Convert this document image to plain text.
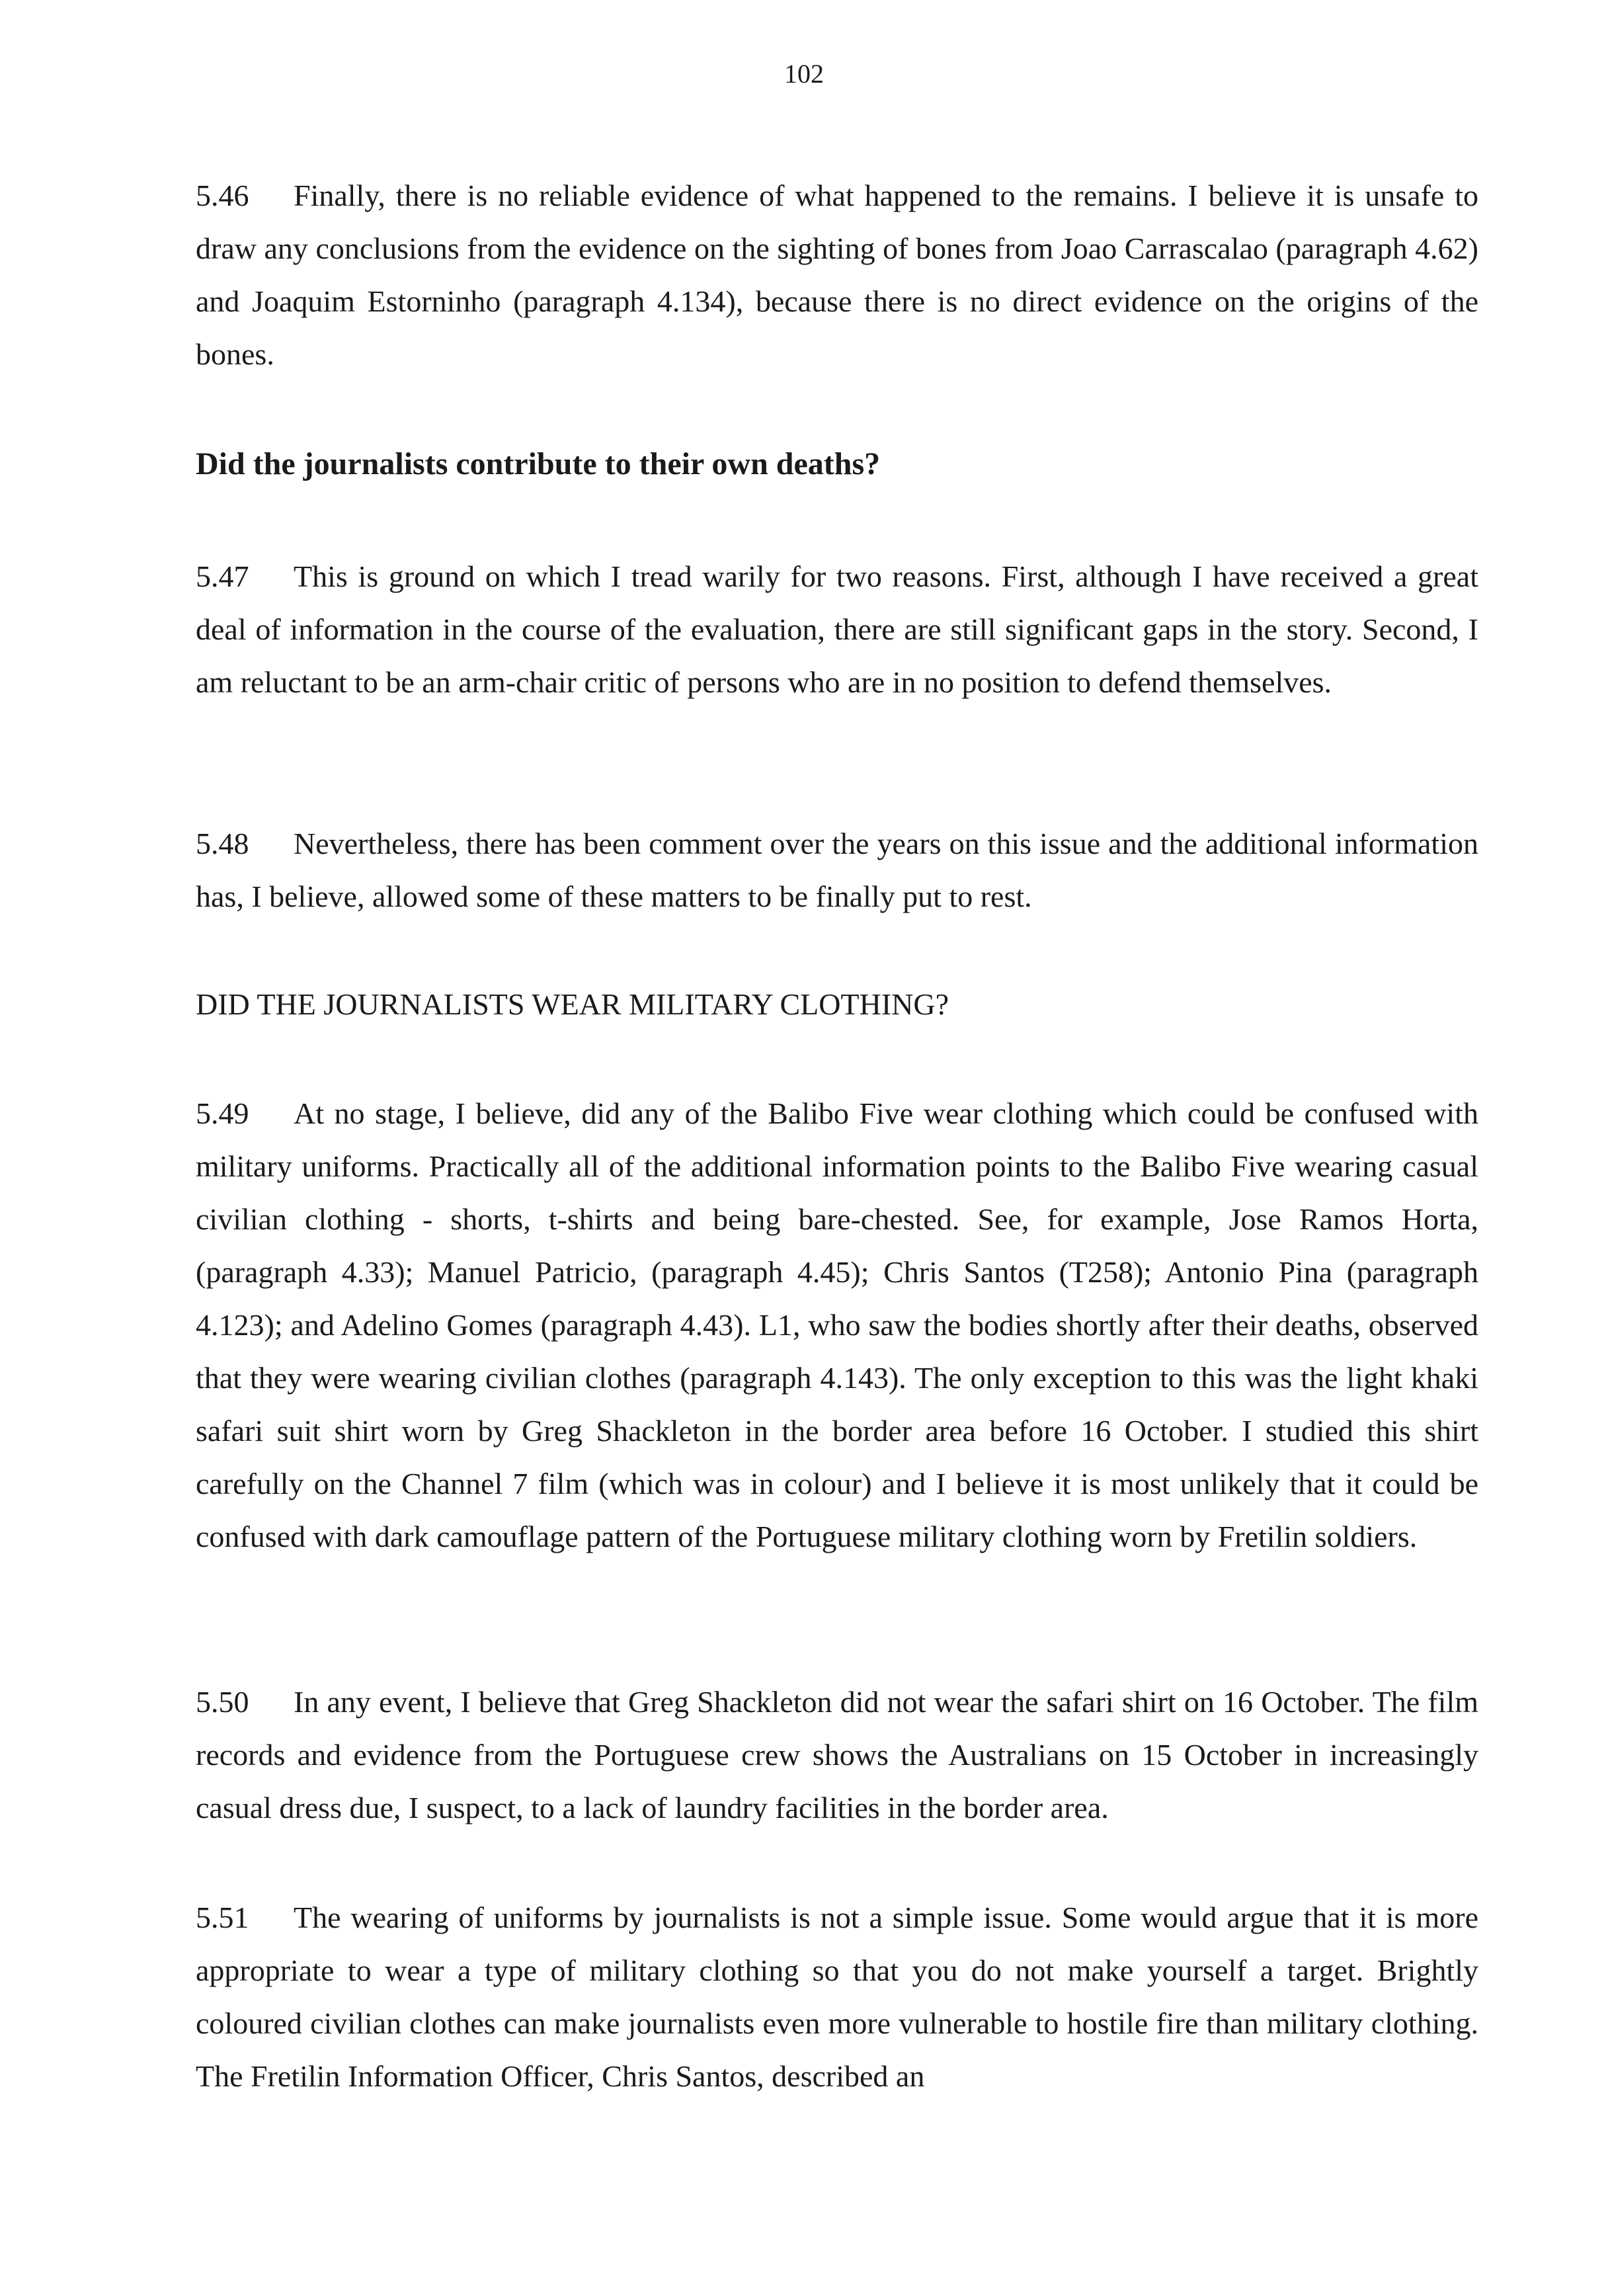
102
5.46 Finally, there is no reliable evidence of what happened to the remains. I believe it is unsafe to draw any conclusions from the evidence on the sighting of bones from Joao Carrascalao (paragraph 4.62) and Joaquim Estorninho (paragraph 4.134), because there is no direct evidence on the origins of the bones.
Did the journalists contribute to their own deaths?
5.47 This is ground on which I tread warily for two reasons. First, although I have received a great deal of information in the course of the evaluation, there are still significant gaps in the story. Second, I am reluctant to be an arm-chair critic of persons who are in no position to defend themselves.
5.48 Nevertheless, there has been comment over the years on this issue and the additional information has, I believe, allowed some of these matters to be finally put to rest.
DID THE JOURNALISTS WEAR MILITARY CLOTHING?
5.49 At no stage, I believe, did any of the Balibo Five wear clothing which could be confused with military uniforms. Practically all of the additional information points to the Balibo Five wearing casual civilian clothing - shorts, t-shirts and being bare-chested. See, for example, Jose Ramos Horta, (paragraph 4.33); Manuel Patricio, (paragraph 4.45); Chris Santos (T258); Antonio Pina (paragraph 4.123); and Adelino Gomes (paragraph 4.43). L1, who saw the bodies shortly after their deaths, observed that they were wearing civilian clothes (paragraph 4.143). The only exception to this was the light khaki safari suit shirt worn by Greg Shackleton in the border area before 16 October. I studied this shirt carefully on the Channel 7 film (which was in colour) and I believe it is most unlikely that it could be confused with dark camouflage pattern of the Portuguese military clothing worn by Fretilin soldiers.
5.50 In any event, I believe that Greg Shackleton did not wear the safari shirt on 16 October. The film records and evidence from the Portuguese crew shows the Australians on 15 October in increasingly casual dress due, I suspect, to a lack of laundry facilities in the border area.
5.51 The wearing of uniforms by journalists is not a simple issue. Some would argue that it is more appropriate to wear a type of military clothing so that you do not make yourself a target. Brightly coloured civilian clothes can make journalists even more vulnerable to hostile fire than military clothing. The Fretilin Information Officer, Chris Santos, described an
